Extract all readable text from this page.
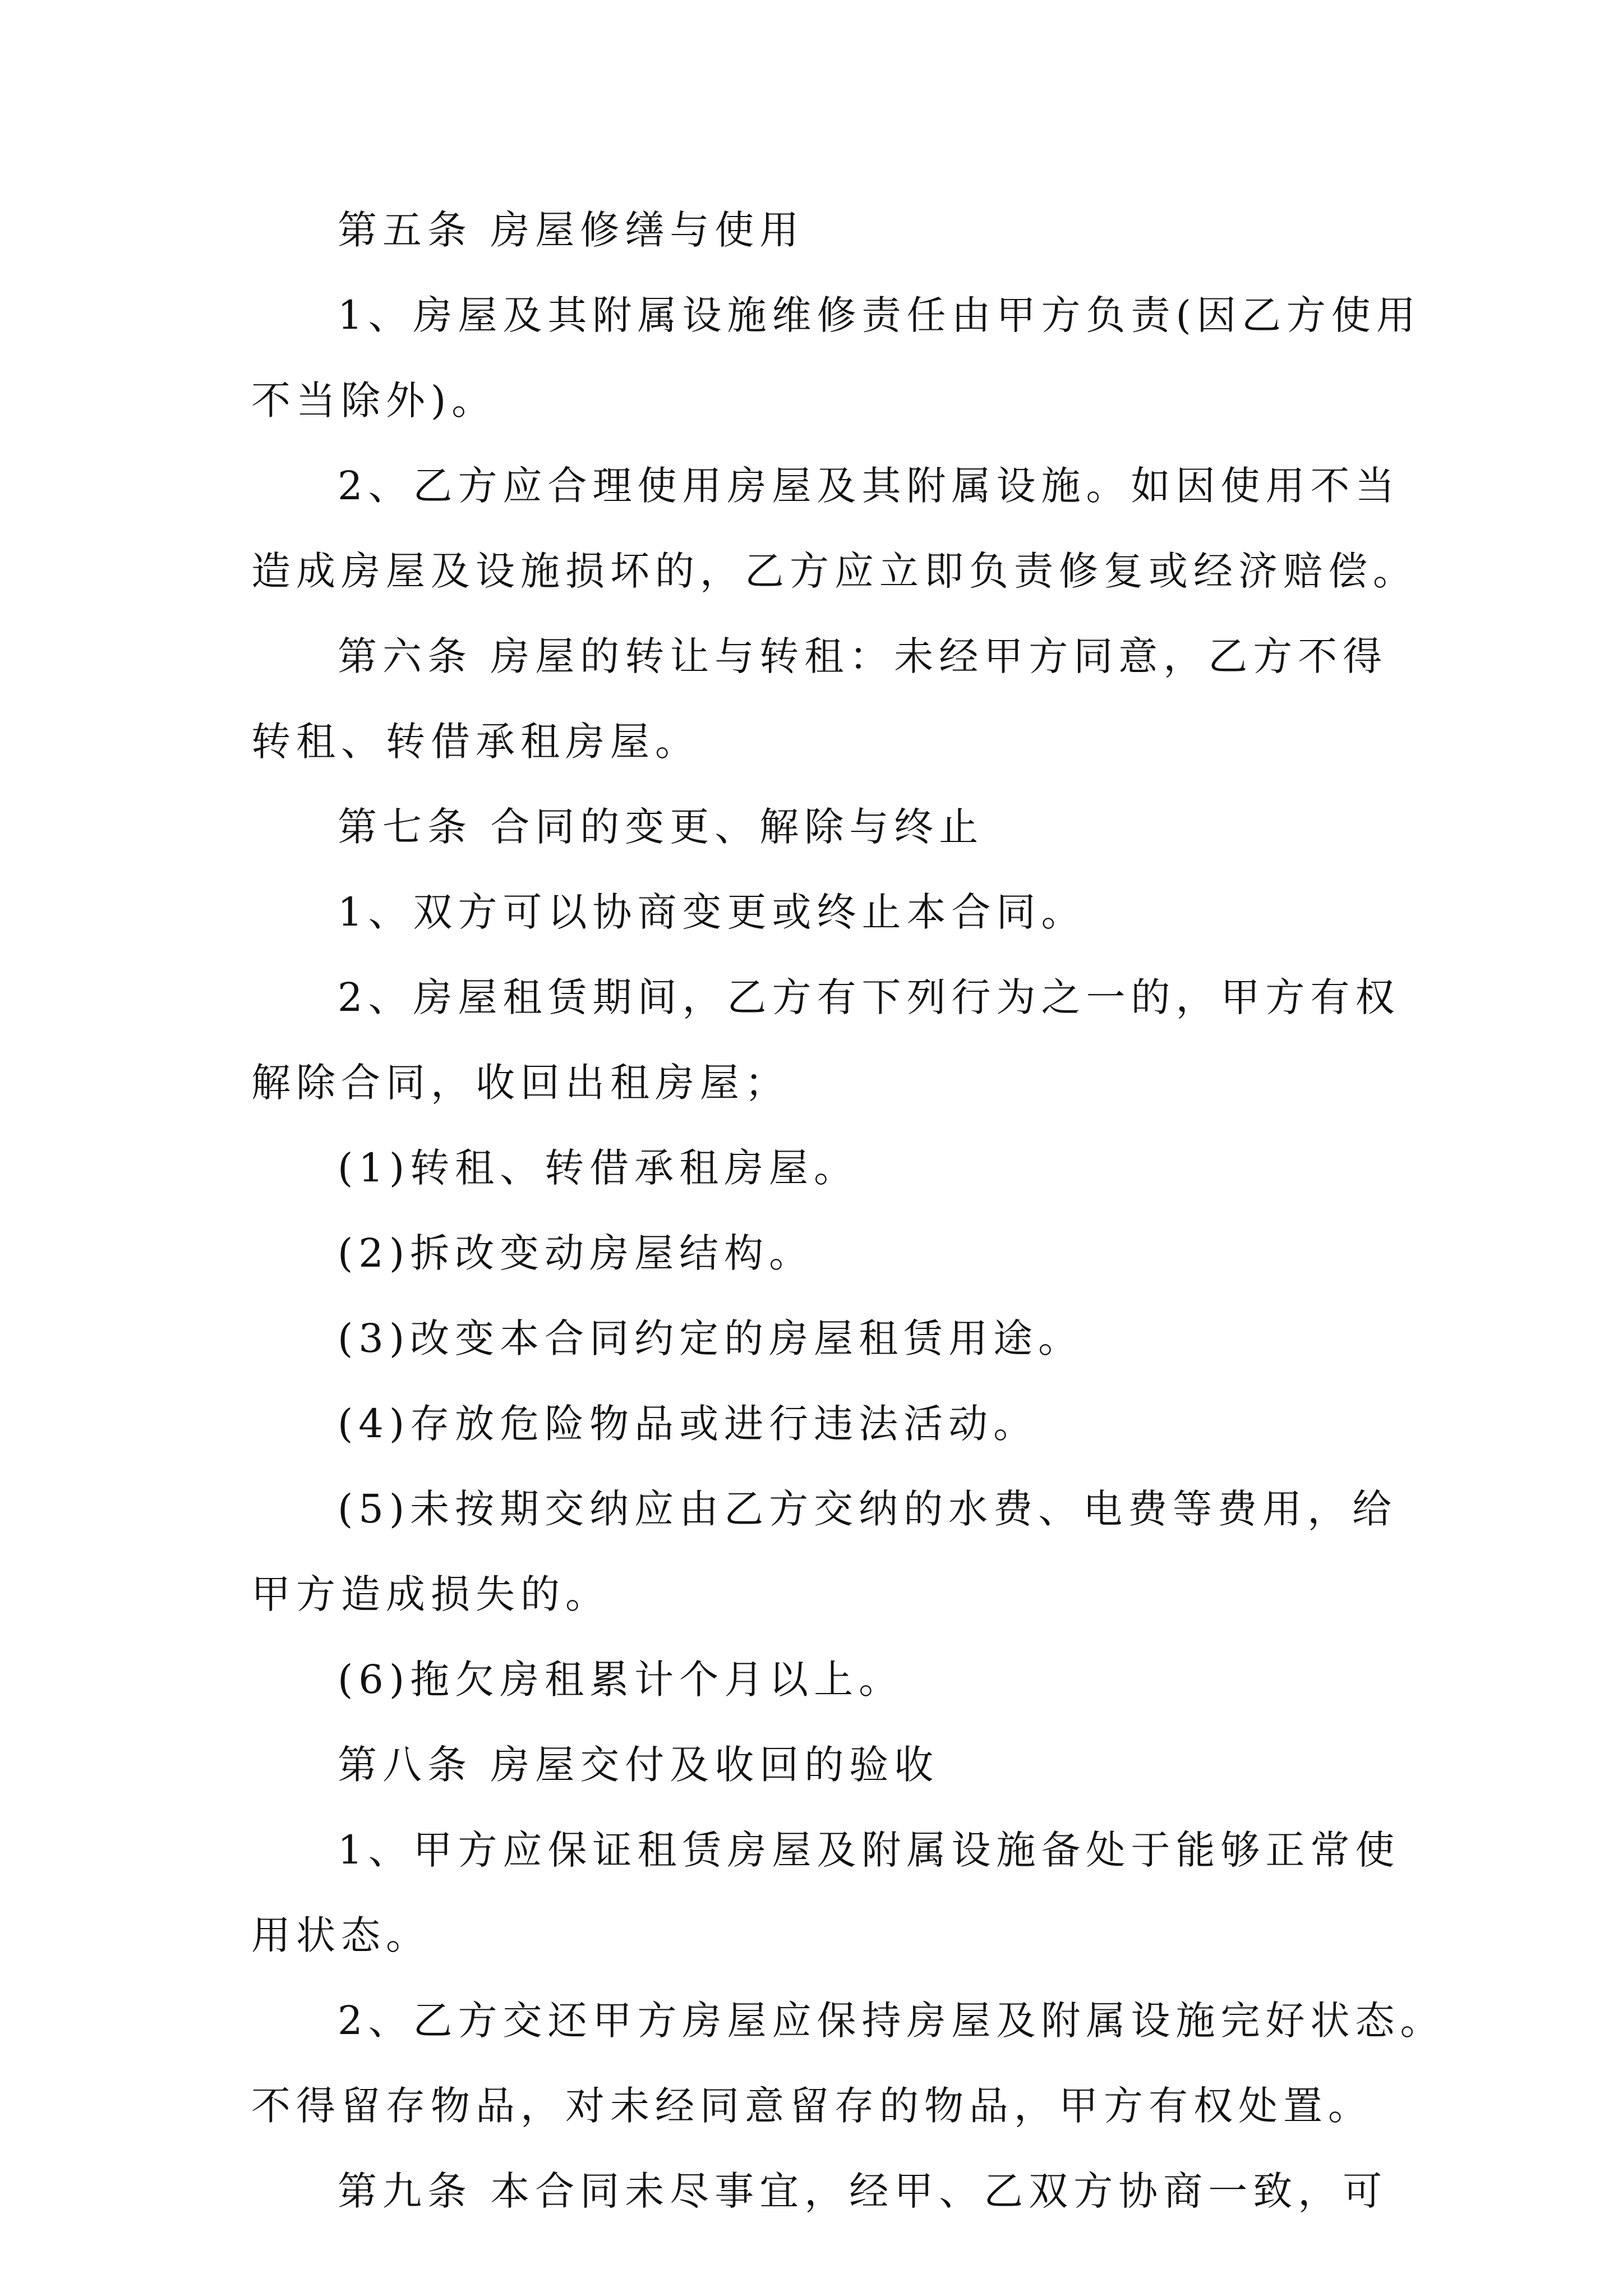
第五条 房屋修缮与使用
1、房屋及其附属设施维修责任由甲方负责(因乙方使用
不当除外)。
2、乙方应合理使用房屋及其附属设施。如因使用不当
造成房屋及设施损坏的，乙方应立即负责修复或经济赔偿。
第六条 房屋的转让与转租：未经甲方同意，乙方不得
转租、转借承租房屋。
第七条 合同的变更、解除与终止
1、双方可以协商变更或终止本合同。
2、房屋租赁期间，乙方有下列行为之一的，甲方有权
解除合同，收回出租房屋；
(1)转租、转借承租房屋。
(2)拆改变动房屋结构。
(3)改变本合同约定的房屋租赁用途。
(4)存放危险物品或进行违法活动。
(5)未按期交纳应由乙方交纳的水费、电费等费用，给
甲方造成损失的。
(6)拖欠房租累计个月以上。
第八条 房屋交付及收回的验收
1、甲方应保证租赁房屋及附属设施备处于能够正常使
用状态。
2、乙方交还甲方房屋应保持房屋及附属设施完好状态。
不得留存物品，对未经同意留存的物品，甲方有权处置。
第九条 本合同未尽事宜，经甲、乙双方协商一致，可
